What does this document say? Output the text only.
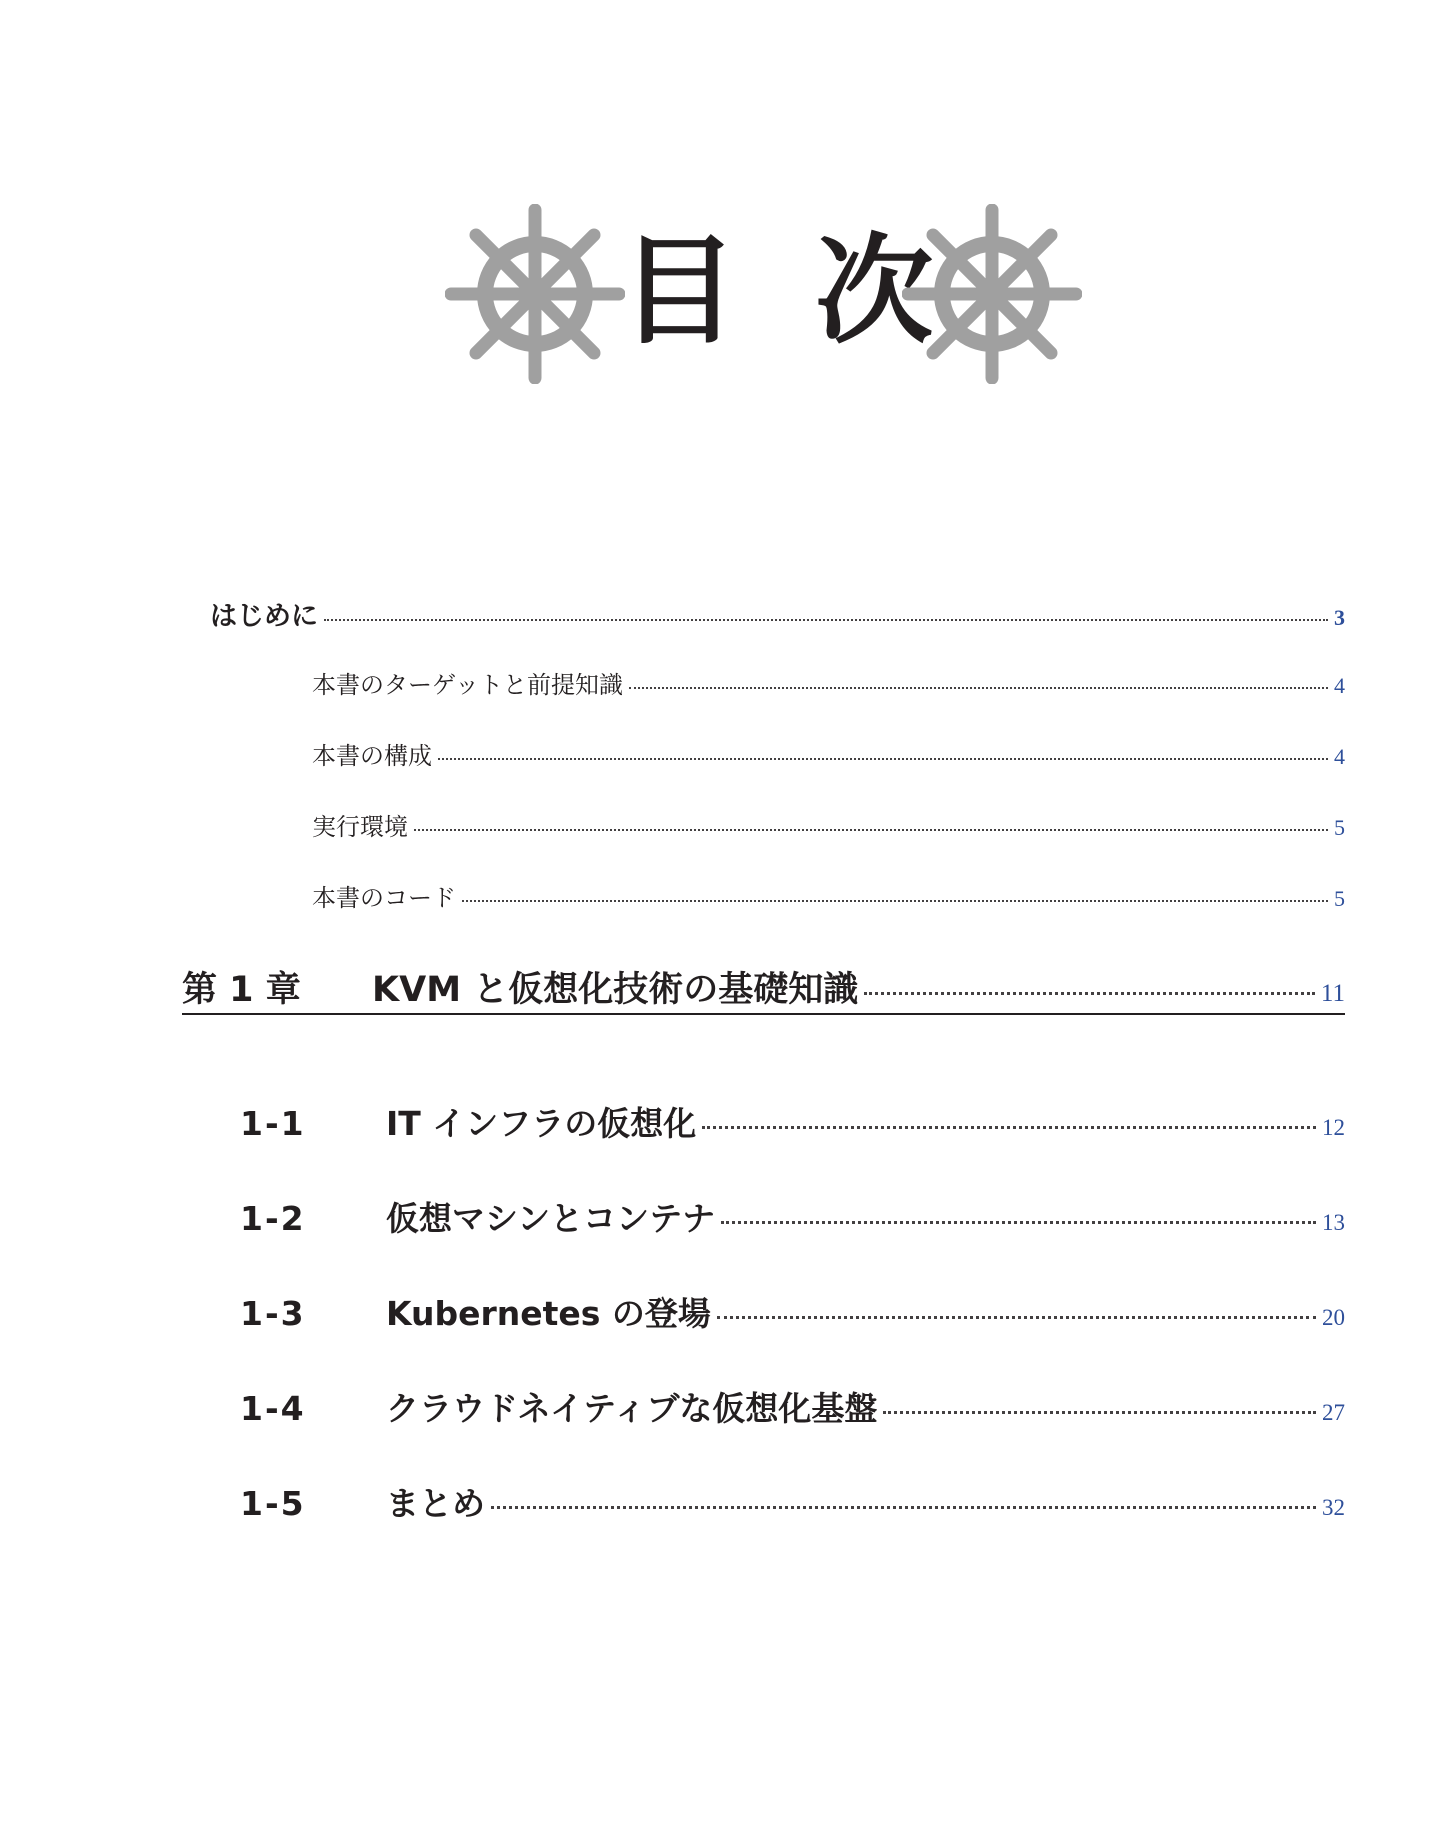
目 次
はじめに	3
本書のターゲットと前提知識	4
本書の構成	4
実行環境	5
本書のコード	5
第 1 章	KVM と仮想化技術の基礎知識	11
1-1	IT インフラの仮想化	12
1-2	仮想マシンとコンテナ	13
1-3	Kubernetes の登場	20
1-4	クラウドネイティブな仮想化基盤	27
1-5	まとめ	32
